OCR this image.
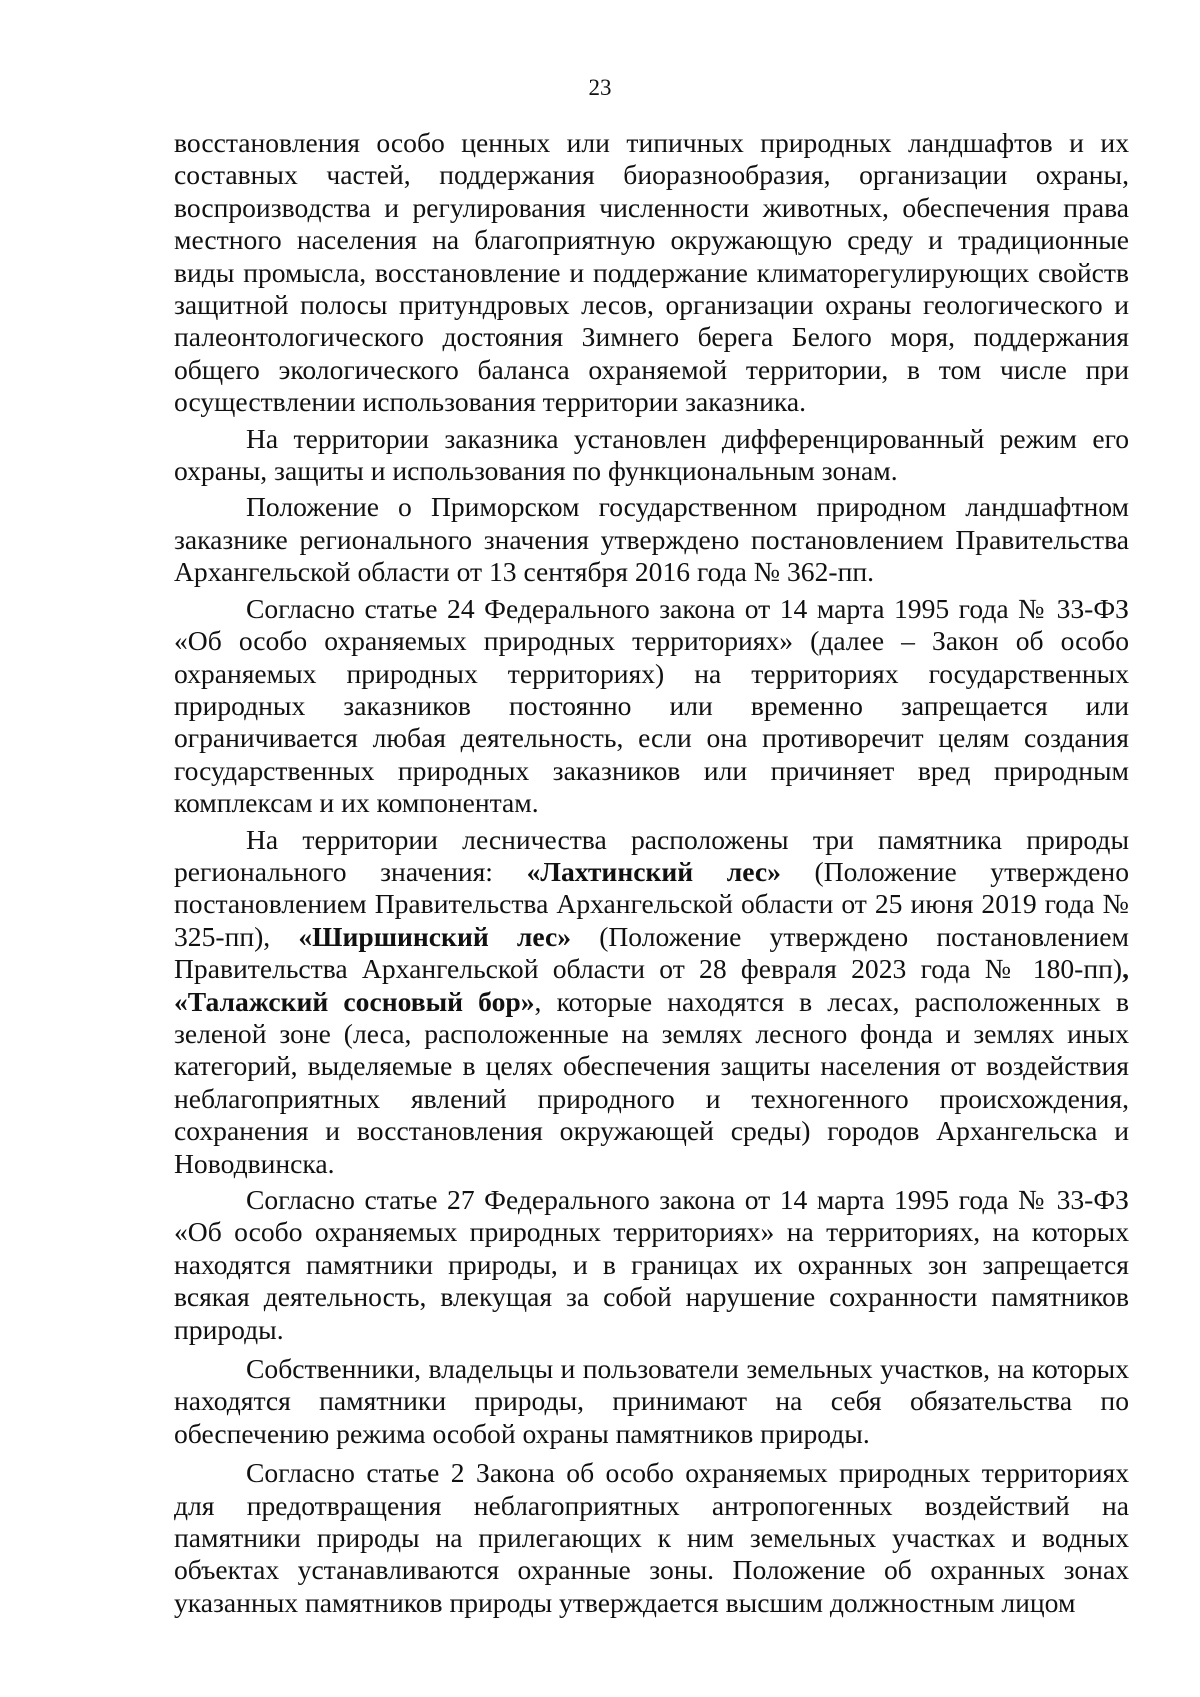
23

восстановления особо ценных или типичных природных ландшафтов и их составных частей, поддержания биоразнообразия, организации охраны, воспроизводства и регулирования численности животных, обеспечения права местного населения на благоприятную окружающую среду и традиционные виды промысла, восстановление и поддержание климаторегулирующих свойств защитной полосы притундровых лесов, организации охраны геологического и палеонтологического достояния Зимнего берега Белого моря, поддержания общего экологического баланса охраняемой территории, в том числе при осуществлении использования территории заказника.

На территории заказника установлен дифференцированный режим его охраны, защиты и использования по функциональным зонам.

Положение о Приморском государственном природном ландшафтном заказнике регионального значения утверждено постановлением Правительства Архангельской области от 13 сентября 2016 года № 362-пп.

Согласно статье 24 Федерального закона от 14 марта 1995 года № 33-ФЗ «Об особо охраняемых природных территориях» (далее – Закон об особо охраняемых природных территориях) на территориях государственных природных заказников постоянно или временно запрещается или ограничивается любая деятельность, если она противоречит целям создания государственных природных заказников или причиняет вред природным комплексам и их компонентам.

На территории лесничества расположены три памятника природы регионального значения: «Лахтинский лес» (Положение утверждено постановлением Правительства Архангельской области от 25 июня 2019 года № 325-пп), «Ширшинский лес» (Положение утверждено постановлением Правительства Архангельской области от 28 февраля 2023 года № 180-пп), «Талажский сосновый бор», которые находятся в лесах, расположенных в зеленой зоне (леса, расположенные на землях лесного фонда и землях иных категорий, выделяемые в целях обеспечения защиты населения от воздействия неблагоприятных явлений природного и техногенного происхождения, сохранения и восстановления окружающей среды) городов Архангельска и Новодвинска.

Согласно статье 27 Федерального закона от 14 марта 1995 года № 33-ФЗ «Об особо охраняемых природных территориях» на территориях, на которых находятся памятники природы, и в границах их охранных зон запрещается всякая деятельность, влекущая за собой нарушение сохранности памятников природы.

Собственники, владельцы и пользователи земельных участков, на которых находятся памятники природы, принимают на себя обязательства по обеспечению режима особой охраны памятников природы.

Согласно статье 2 Закона об особо охраняемых природных территориях для предотвращения неблагоприятных антропогенных воздействий на памятники природы на прилегающих к ним земельных участках и водных объектах устанавливаются охранные зоны. Положение об охранных зонах указанных памятников природы утверждается высшим должностным лицом
